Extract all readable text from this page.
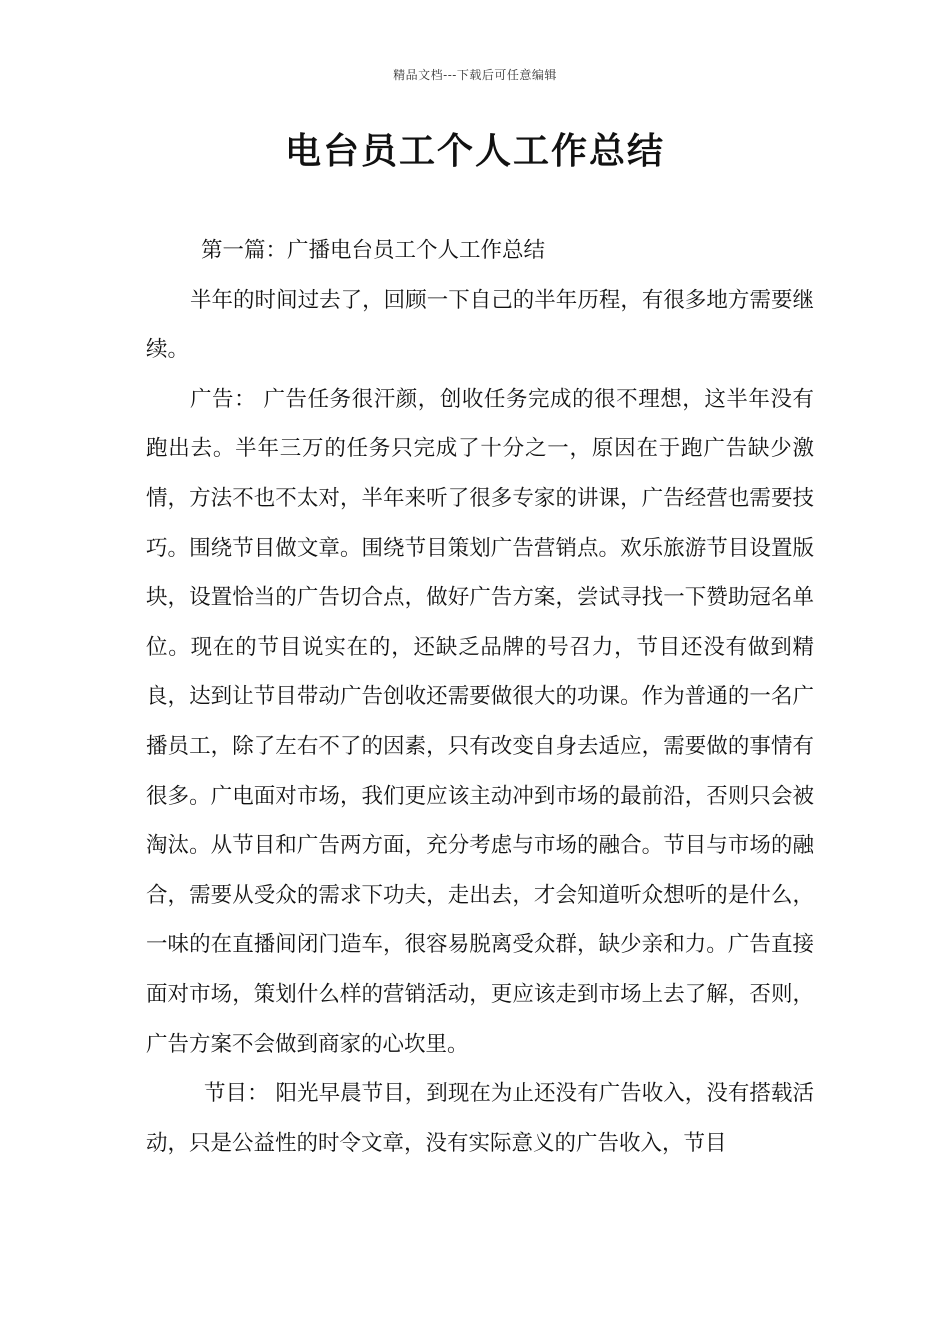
精品文档---下载后可任意编辑
电台员工个人工作总结

第一篇：广播电台员工个人工作总结

半年的时间过去了，回顾一下自己的半年历程，有很多地方需要继续。

广告： 广告任务很汗颜，创收任务完成的很不理想，这半年没有跑出去。半年三万的任务只完成了十分之一，原因在于跑广告缺少激情，方法不也不太对，半年来听了很多专家的讲课，广告经营也需要技巧。围绕节目做文章。围绕节目策划广告营销点。欢乐旅游节目设置版块，设置恰当的广告切合点，做好广告方案，尝试寻找一下赞助冠名单位。现在的节目说实在的，还缺乏品牌的号召力，节目还没有做到精良，达到让节目带动广告创收还需要做很大的功课。作为普通的一名广播员工，除了左右不了的因素，只有改变自身去适应，需要做的事情有很多。广电面对市场，我们更应该主动冲到市场的最前沿，否则只会被淘汰。从节目和广告两方面，充分考虑与市场的融合。节目与市场的融合，需要从受众的需求下功夫，走出去，才会知道听众想听的是什么，一味的在直播间闭门造车，很容易脱离受众群，缺少亲和力。广告直接面对市场，策划什么样的营销活动，更应该走到市场上去了解，否则，广告方案不会做到商家的心坎里。

节目： 阳光早晨节目，到现在为止还没有广告收入，没有搭载活动，只是公益性的时令文章，没有实际意义的广告收入，节目
